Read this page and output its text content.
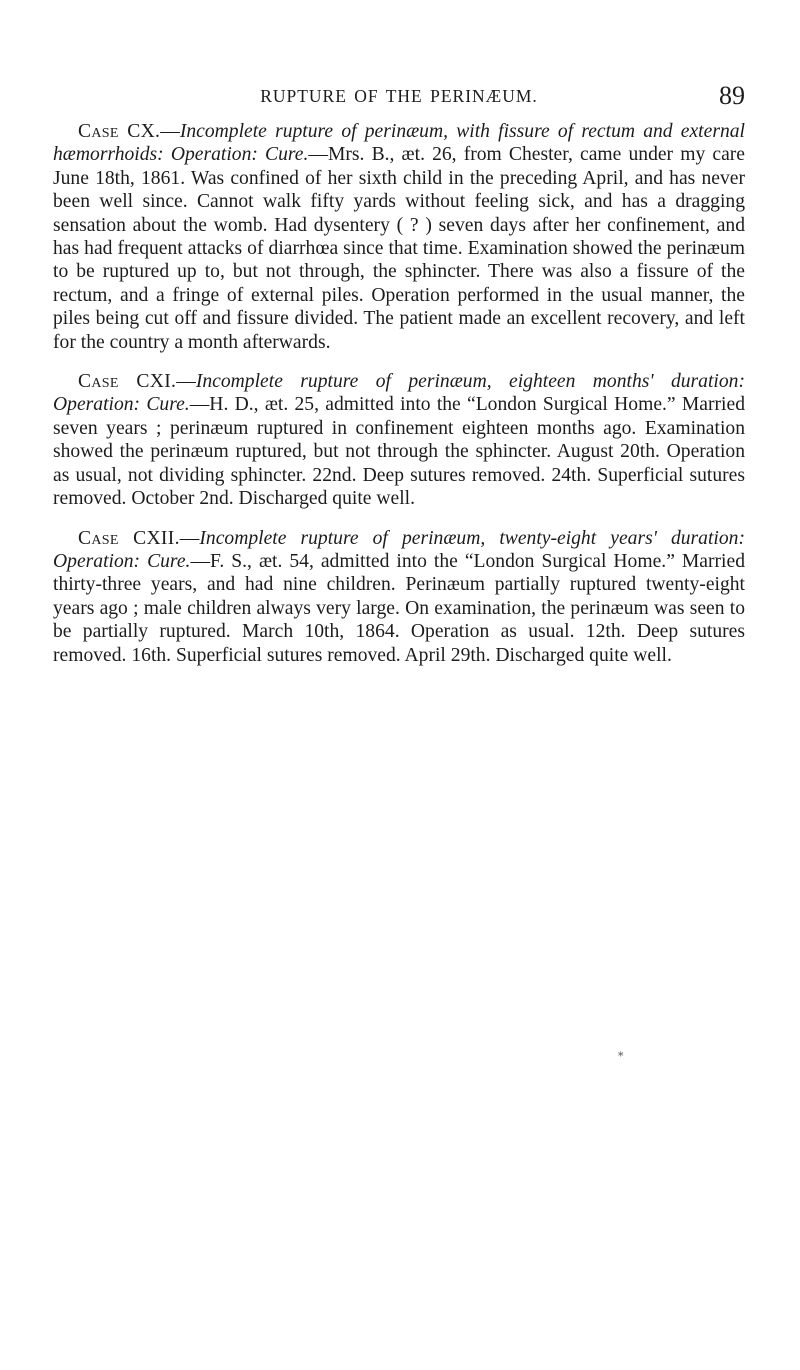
RUPTURE OF THE PERINÆUM.	89

Case CX.—Incomplete rupture of perinæum, with fissure of rectum and external hæmorrhoids: Operation: Cure.—Mrs. B., æt. 26, from Chester, came under my care June 18th, 1861. Was confined of her sixth child in the preceding April, and has never been well since. Cannot walk fifty yards without feeling sick, and has a dragging sensation about the womb. Had dysentery ( ? ) seven days after her confinement, and has had frequent attacks of diarrhœa since that time. Examination showed the perinæum to be ruptured up to, but not through, the sphincter. There was also a fissure of the rectum, and a fringe of external piles. Operation performed in the usual manner, the piles being cut off and fissure divided. The patient made an excellent recovery, and left for the country a month afterwards.

Case CXI.—Incomplete rupture of perinæum, eighteen months' duration: Operation: Cure.—H. D., æt. 25, admitted into the “London Surgical Home.” Married seven years ; perinæum ruptured in confinement eighteen months ago. Examination showed the perinæum ruptured, but not through the sphincter. August 20th. Operation as usual, not dividing sphincter. 22nd. Deep sutures removed. 24th. Superficial sutures removed. October 2nd. Discharged quite well.

Case CXII.—Incomplete rupture of perinæum, twenty-eight years' duration: Operation: Cure.—F. S., æt. 54, admitted into the “London Surgical Home.” Married thirty-three years, and had nine children. Perinæum partially ruptured twenty-eight years ago ; male children always very large. On examination, the perinæum was seen to be partially ruptured. March 10th, 1864. Operation as usual. 12th. Deep sutures removed. 16th. Superficial sutures removed. April 29th. Discharged quite well.

⁎
